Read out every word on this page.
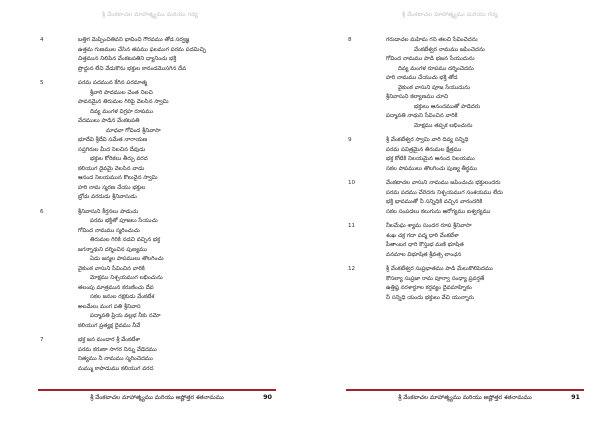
శ్రీ వేంకటాచల మాహాత్మ్యము మరియు గద్య
4	బత్తిగ మెప్పించితివని భావించి గౌరవము తోడ సర్వజ్ఞ
ఉత్తమ గుణముల చేసిన తపము ఫలముగ పరమ పదమిచ్చి
చిత్తమున నిలిపిన వేంకటపతిని ధ్యానించు భక్తి
ప్రొద్దున లేచి వేడుకొను భక్తుల కానందమొసగిన దేవ
5	పరమ పదమున కేగిన పరమాత్మ
శ్రీవారి పాదముల చెంత నిలచి
పావనమైన తిరుమల గిరిపై వెలసిన స్వామి
దివ్య మంగళ విగ్రహ రూపము
వేదములు పాడిన వేంకటపతి
మాధవా గోవింద శ్రీనివాసా
భూదేవి శ్రీదేవి సమేత నారాయణ
సప్తగిరుల మీద నిలచిన దేవుడు
భక్తుల కోరికలు తీర్చు వరద
కలియుగ దైవమై వెలసిన వాడు
ఆనంద నిలయమున కొలువైన స్వామి
హరి నామ స్మరణ చేయు భక్తుల
బ్రోచు వరదుడు శ్రీనివాసుడు
6	శ్రీనివాసుని కీర్తనలు పాడుచు
పరమ భక్తితో పూజలు సేయుచు
గోవింద నామము స్మరించుచు
తిరుమల గిరికి నడచి వచ్చిన భక్త
జగన్నాథుని దర్శించిన పుణ్యము
ఏడు జన్మల పాపములు తొలగించు
వైకుంఠ వాసుని సేవించిన వారికి
మోక్షము నిశ్చయముగ లభించును
తలంపు మాత్రమున కరుణించు దేవ
సకల జనుల రక్షకుడు వేంకటేశ
అలమేలు మంగ పతి శ్రీనివాస
పద్మావతి ప్రియ వల్లభ నీకు నమో
కలియుగ ప్రత్యక్ష దైవము నీవే
7	భక్త జన మందార శ్రీ వేంకటేశా
పరమ కరుణా సాగర నిన్ను వేడెదము
నిత్యము నీ నామము స్మరించెదము
మమ్ము కాపాడుము కలియుగ వరద
శ్రీ వేంకటాచల మాహాత్మ్యము మరియు అష్టోత్తర శతనామము	90
శ్రీ వేంకటాచల మాహాత్మ్యము మరియు గద్య
8	గరుడాచల మహిమ గని తలచి సేవించెదను
వేంకటేశ్వర నామము జపించెదను
గోవింద నామము పాడి భజన సేయుదును
దివ్య మంగళ రూపము దర్శించెదను
హరి నామము చేయుచు భక్తి తోడ
వైకుంఠ వాసుని పూజ సేయుదును
శ్రీనివాసుని కల్యాణము చూచి
భక్తులు ఆనందముతో పాడెదరు
పద్మావతి నాథుని సేవించిన వారికి
మోక్షము తప్పక లభించును
9	శ్రీ వేంకటేశ్వర స్వామి వారి దివ్య సన్నిధి
పరమ పవిత్రమైన తిరుమల క్షేత్రము
భక్త కోటికి నిలయమైన ఆనంద నిలయము
సకల పాపములు తొలగించు పుణ్య తీర్థము
10	వేంకటాచల వాసుని నామము జపించుచు భక్తులందరు
పరమ పదము చేరెదరు నిశ్చయముగ సంశయము లేదు
భక్తి భావముతో నీ సన్నిధికి వచ్చిన వారందరికి
సకల సంపదలు కలుగును ఆరోగ్యము ఐశ్వర్యము
11	నీలమేఘ శ్యామ సుందర రూప శ్రీనివాసా
శంఖ చక్ర గదా పద్మ ధారి వేంకటేశా
పీతాంబర ధారి కౌస్తుభ మణి భూషిత
వనమాల విభూషిత శ్రీవత్స లాంఛన
12	శ్రీ వేంకటేశ్వర సుప్రభాతము పాడి మేలుకొలిపెదము
కౌసల్యా సుప్రజా రామ పూర్వా సంధ్యా ప్రవర్తతే
ఉత్తిష్ఠ నరశార్దూల కర్తవ్యం దైవమాహ్నికం
నీ సన్నిధి యందు భక్తులు వేచి యున్నారు
శ్రీ వేంకటాచల మాహాత్మ్యము మరియు అష్టోత్తర శతనామము	91
